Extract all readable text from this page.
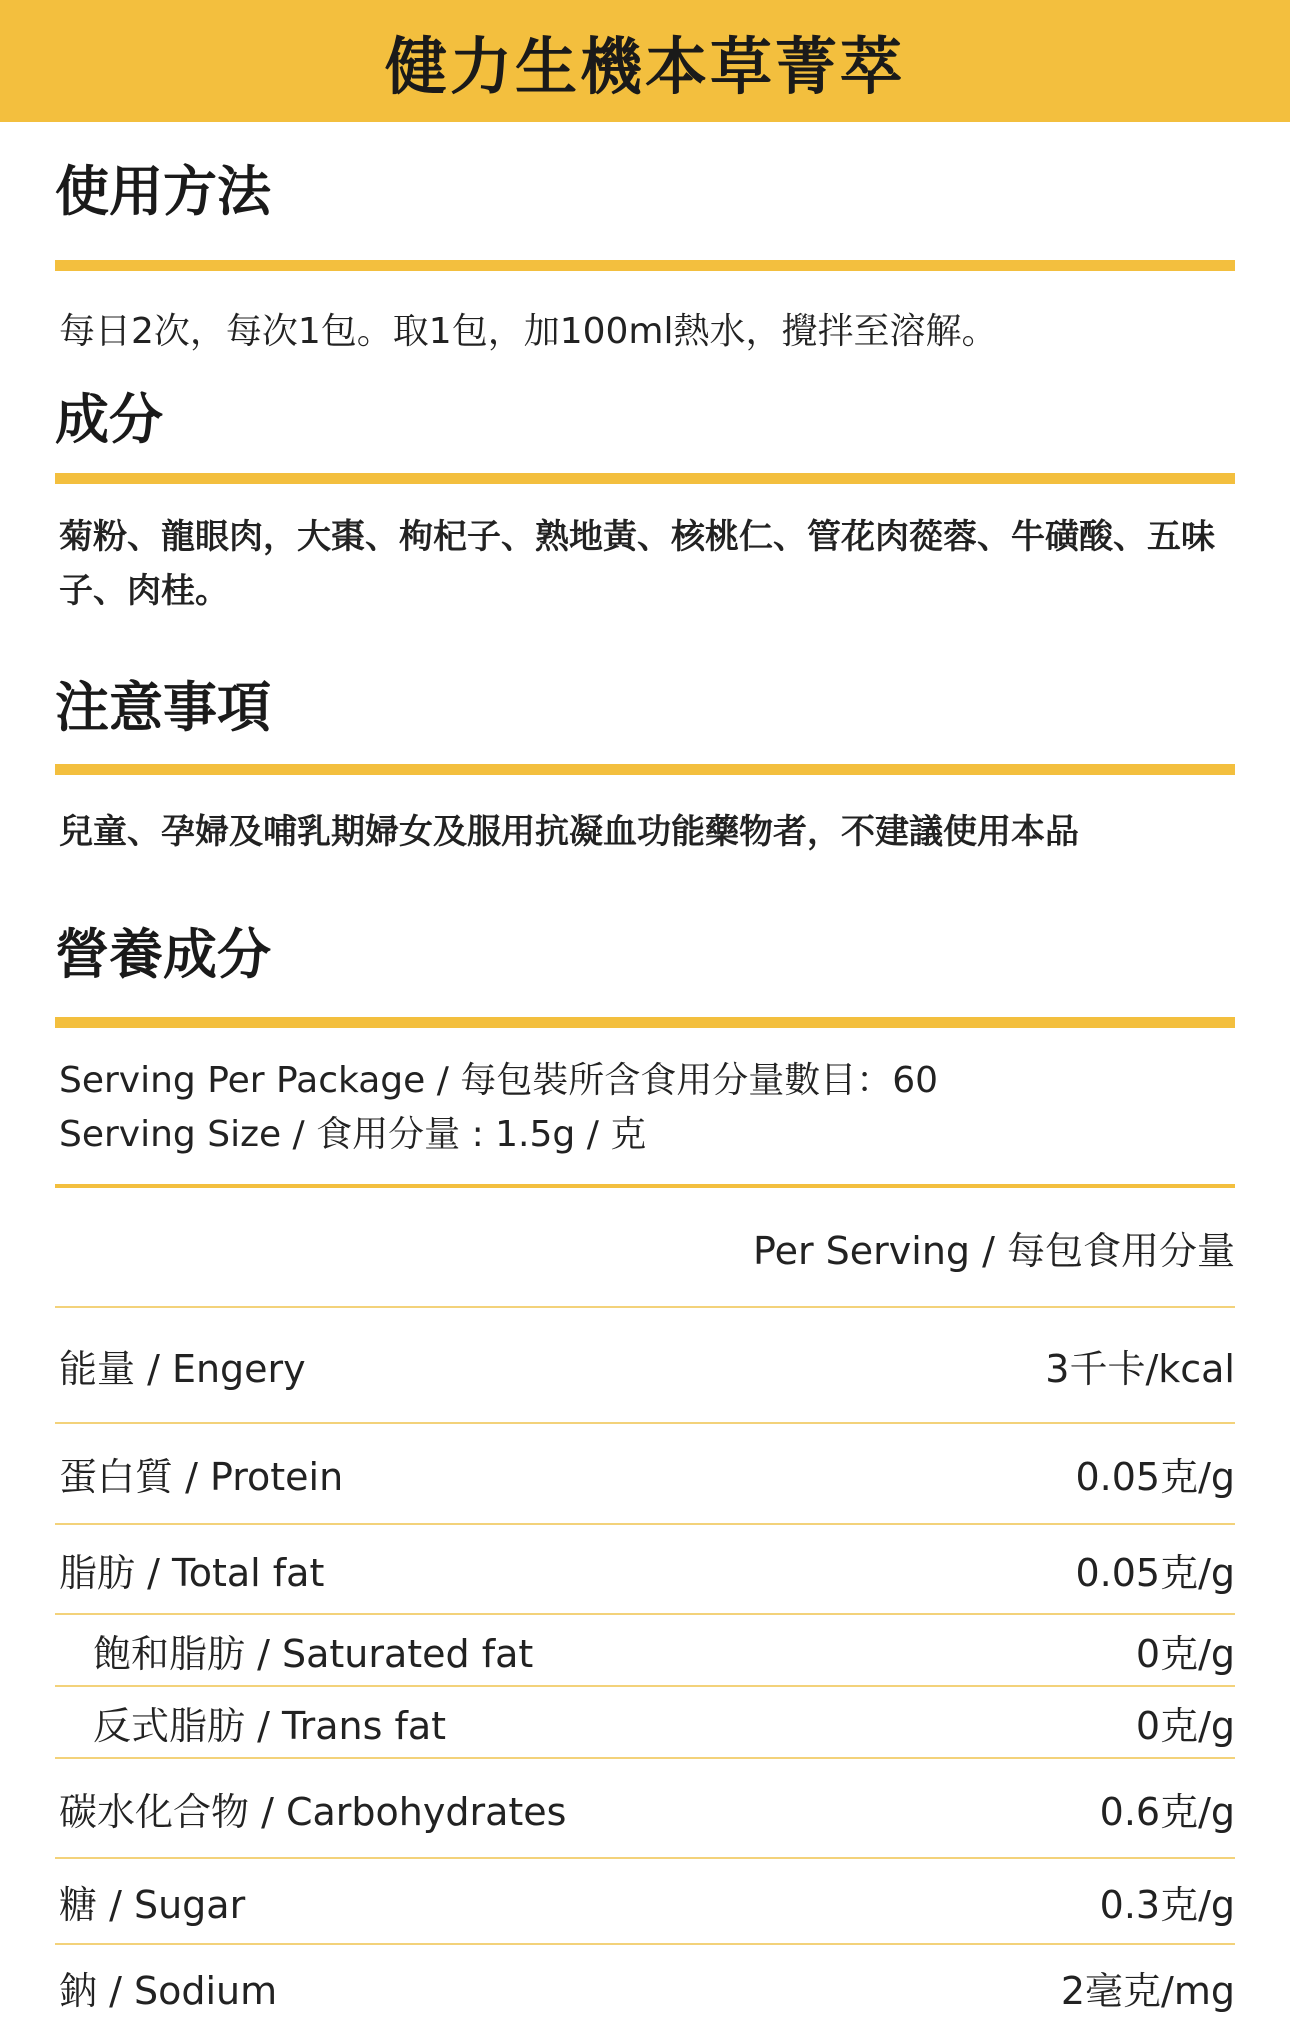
健力生機本草菁萃
使用方法
每日2次，每次1包。取1包，加100ml熱水，攪拌至溶解。
成分
菊粉、龍眼肉，大棗、枸杞子、熟地黃、核桃仁、管花肉蓯蓉、牛磺酸、五味子、肉桂。
注意事項
兒童、孕婦及哺乳期婦女及服用抗凝血功能藥物者，不建議使用本品
營養成分
Serving Per Package / 每包裝所含食用分量數目：60
Serving Size / 食用分量 : 1.5g / 克
Per Serving / 每包食用分量
能量 / Engery	3千卡/kcal
蛋白質 / Protein	0.05克/g
脂肪 / Total fat	0.05克/g
飽和脂肪 / Saturated fat	0克/g
反式脂肪 / Trans fat	0克/g
碳水化合物 / Carbohydrates	0.6克/g
糖 / Sugar	0.3克/g
鈉 / Sodium	2毫克/mg
